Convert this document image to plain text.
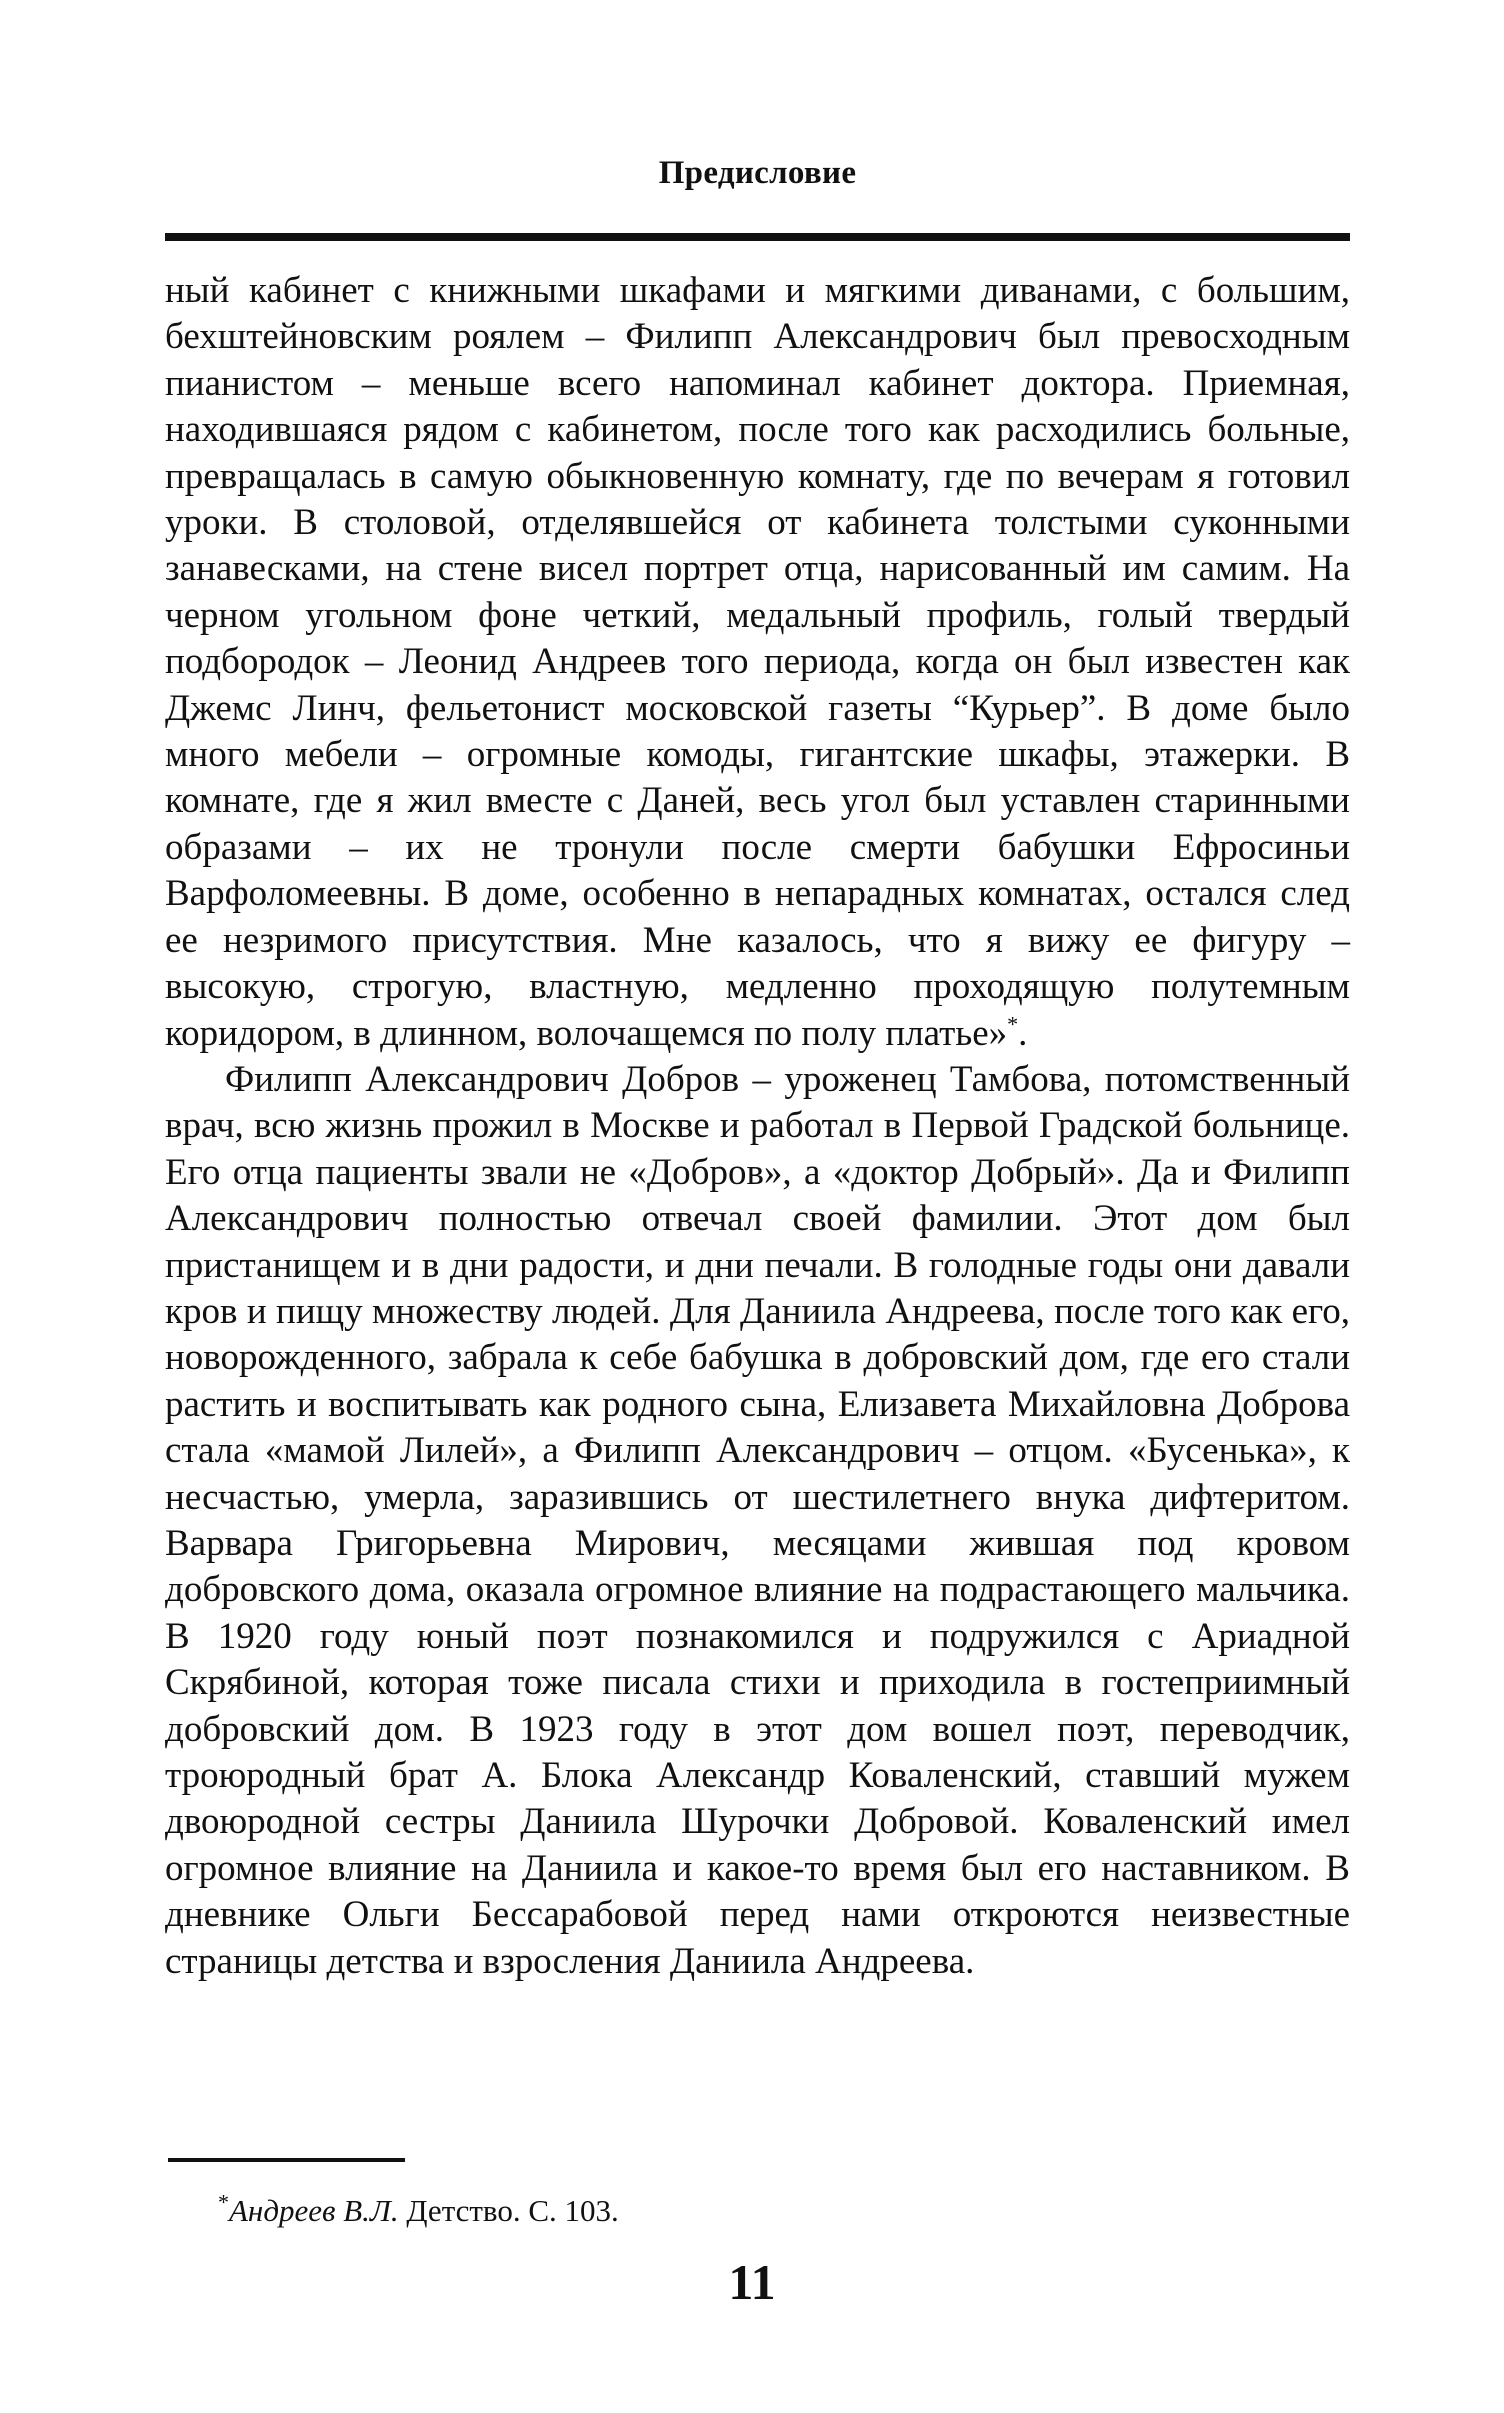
Предисловие

ный кабинет с книжными шкафами и мягкими диванами, с большим, бехштейновским роялем – Филипп Александрович был превосходным пианистом – меньше всего напоминал кабинет доктора. Приемная, находившаяся рядом с кабинетом, после того как расходились больные, превращалась в самую обыкновенную комнату, где по вечерам я готовил уроки. В столовой, отделявшейся от кабинета толстыми суконными занавесками, на стене висел портрет отца, нарисованный им самим. На черном угольном фоне четкий, медальный профиль, голый твердый подбородок – Леонид Андреев того периода, когда он был известен как Джемс Линч, фельетонист московской газеты “Курьер”. В доме было много мебели – огромные комоды, гигантские шкафы, этажерки. В комнате, где я жил вместе с Даней, весь угол был уставлен старинными образами – их не тронули после смерти бабушки Ефросиньи Варфоломеевны. В доме, особенно в непарадных комнатах, остался след ее незримого присутствия. Мне казалось, что я вижу ее фигуру – высокую, строгую, властную, медленно проходящую полутемным коридором, в длинном, волочащемся по полу платье»*.

Филипп Александрович Добров – уроженец Тамбова, потомственный врач, всю жизнь прожил в Москве и работал в Первой Градской больнице. Его отца пациенты звали не «Добров», а «доктор Добрый». Да и Филипп Александрович полностью отвечал своей фамилии. Этот дом был пристанищем и в дни радости, и дни печали. В голодные годы они давали кров и пищу множеству людей. Для Даниила Андреева, после того как его, новорожденного, забрала к себе бабушка в добровский дом, где его стали растить и воспитывать как родного сына, Елизавета Михайловна Доброва стала «мамой Лилей», а Филипп Александрович – отцом. «Бусенька», к несчастью, умерла, заразившись от шестилетнего внука дифтеритом. Варвара Григорьевна Мирович, месяцами жившая под кровом добровского дома, оказала огромное влияние на подрастающего мальчика. В 1920 году юный поэт познакомился и подружился с Ариадной Скрябиной, которая тоже писала стихи и приходила в гостеприимный добровский дом. В 1923 году в этот дом вошел поэт, переводчик, троюродный брат А. Блока Александр Коваленский, ставший мужем двоюродной сестры Даниила Шурочки Добровой. Коваленский имел огромное влияние на Даниила и какое-то время был его наставником. В дневнике Ольги Бессарабовой перед нами откроются неизвестные страницы детства и взросления Даниила Андреева.

*Андреев В.Л. Детство. С. 103.
11
